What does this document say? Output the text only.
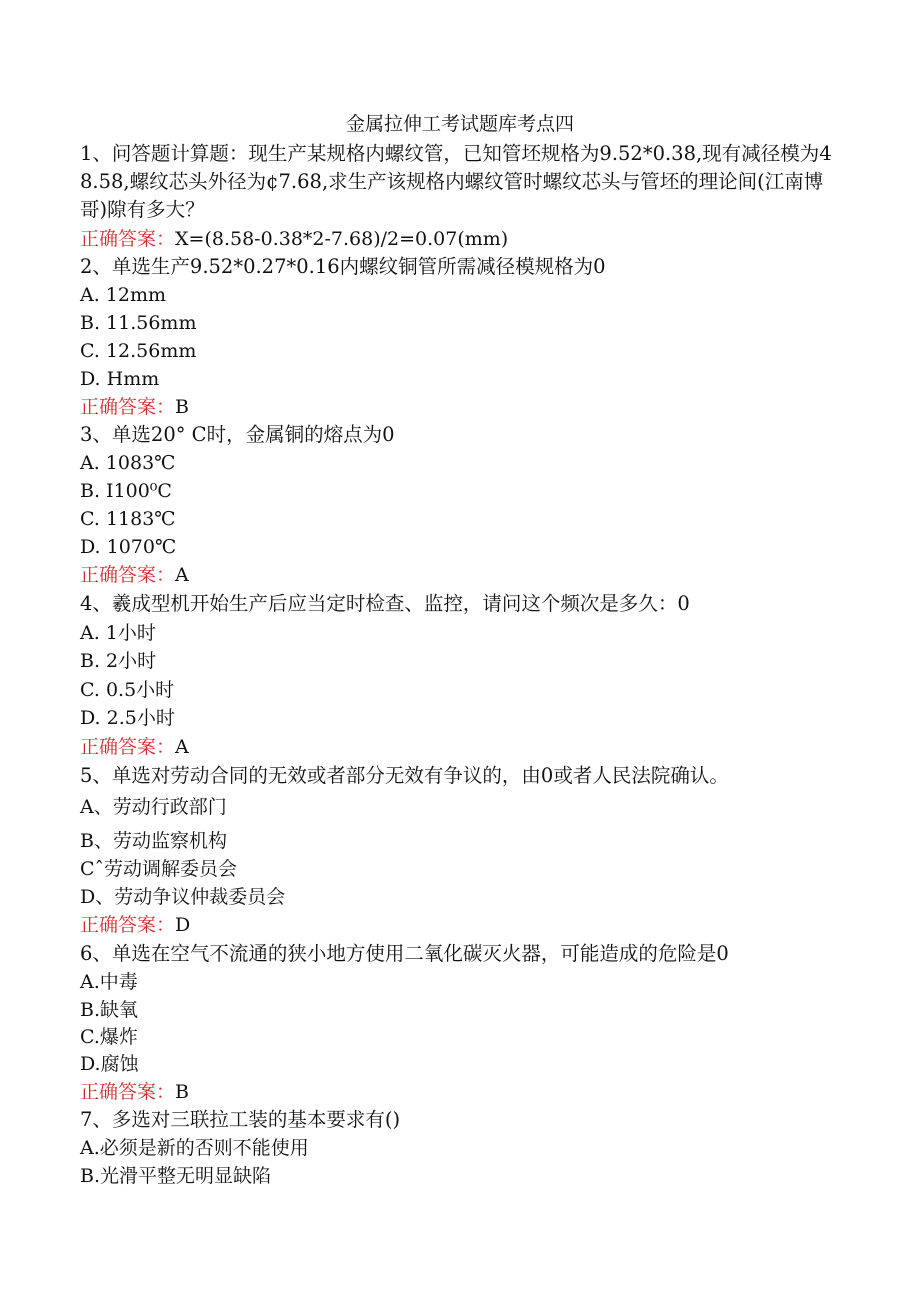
金属拉伸工考试题库考点四
1、问答题计算题：现生产某规格内螺纹管，已知管坯规格为9.52*0.38,现有减径模为48.58,螺纹芯头外径为¢7.68,求生产该规格内螺纹管时螺纹芯头与管坯的理论间(江南博哥)隙有多大？
正确答案：X=(8.58-0.38*2-7.68)/2=0.07(mm)
2、单选生产9.52*0.27*0.16内螺纹铜管所需减径模规格为0
A. 12mm
B. 11.56mm
C. 12.56mm
D. Hmm
正确答案：B
3、单选20° C时，金属铜的熔点为0
A. 1083℃
B. I100⁰C
C. 1183℃
D. 1070℃
正确答案：A
4、羲成型机开始生产后应当定时检查、监控，请问这个频次是多久：0
A. 1小时
B. 2小时
C. 0.5小时
D. 2.5小时
正确答案：A
5、单选对劳动合同的无效或者部分无效有争议的，由0或者人民法院确认。
A、劳动行政部门
B、劳动监察机构
Cˆ劳动调解委员会
D、劳动争议仲裁委员会
正确答案：D
6、单选在空气不流通的狭小地方使用二氧化碳灭火器，可能造成的危险是0
A.中毒
B.缺氧
C.爆炸
D.腐蚀
正确答案：B
7、多选对三联拉工装的基本要求有()
A.必须是新的否则不能使用
B.光滑平整无明显缺陷
